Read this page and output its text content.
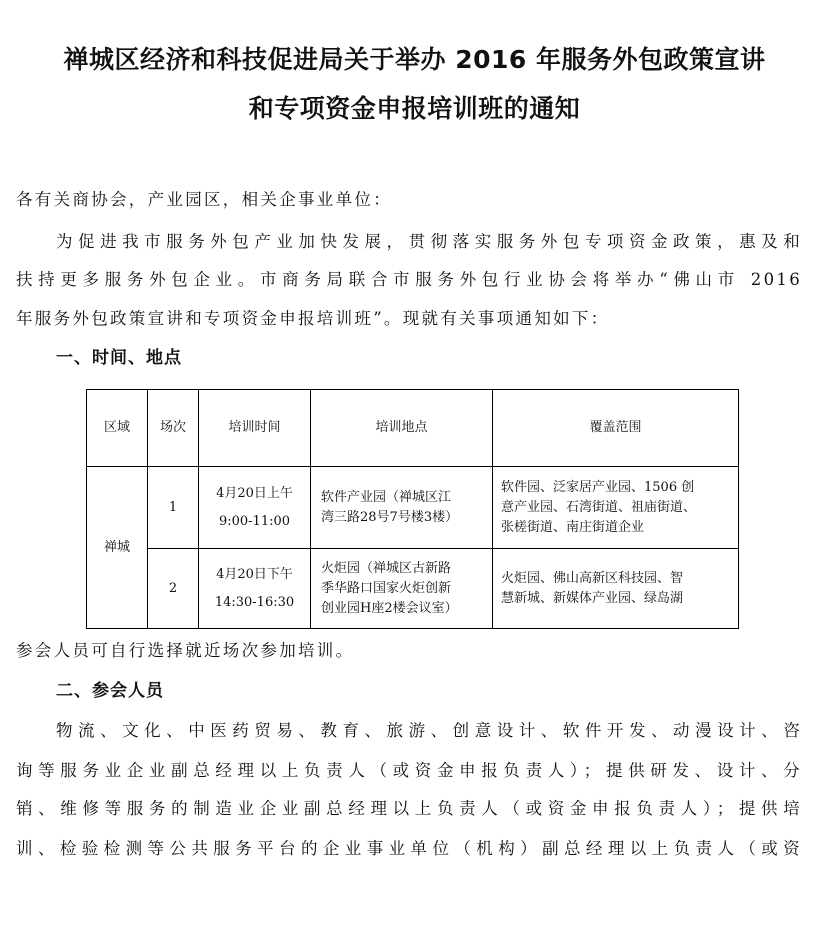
禅城区经济和科技促进局关于举办 2016 年服务外包政策宣讲
和专项资金申报培训班的通知

各有关商协会，产业园区，相关企事业单位：

为促进我市服务外包产业加快发展，贯彻落实服务外包专项资金政策，惠及和

扶持更多服务外包企业。市商务局联合市服务外包行业协会将举办“佛山市 2016

年服务外包政策宣讲和专项资金申报培训班”。现就有关事项通知如下：

一、时间、地点
区域	场次	培训时间	培训地点	覆盖范围
禅城	1	4月20日上午
9:00-11:00	软件产业园（禅城区江
湾三路28号7号楼3楼）	软件园、泛家居产业园、1506 创
意产业园、石湾街道、祖庙街道、
张槎街道、南庄街道企业

	2	4月20日下午
14:30-16:30	火炬园（禅城区古新路
季华路口国家火炬创新
创业园H座2楼会议室）	火炬园、佛山高新区科技园、智
慧新城、新媒体产业园、绿岛湖

参会人员可自行选择就近场次参加培训。

二、参会人员

物流、文化、中医药贸易、教育、旅游、创意设计、软件开发、动漫设计、咨

询等服务业企业副总经理以上负责人（或资金申报负责人）；提供研发、设计、分

销、维修等服务的制造业企业副总经理以上负责人（或资金申报负责人）；提供培

训、检验检测等公共服务平台的企业事业单位（机构）副总经理以上负责人（或资
